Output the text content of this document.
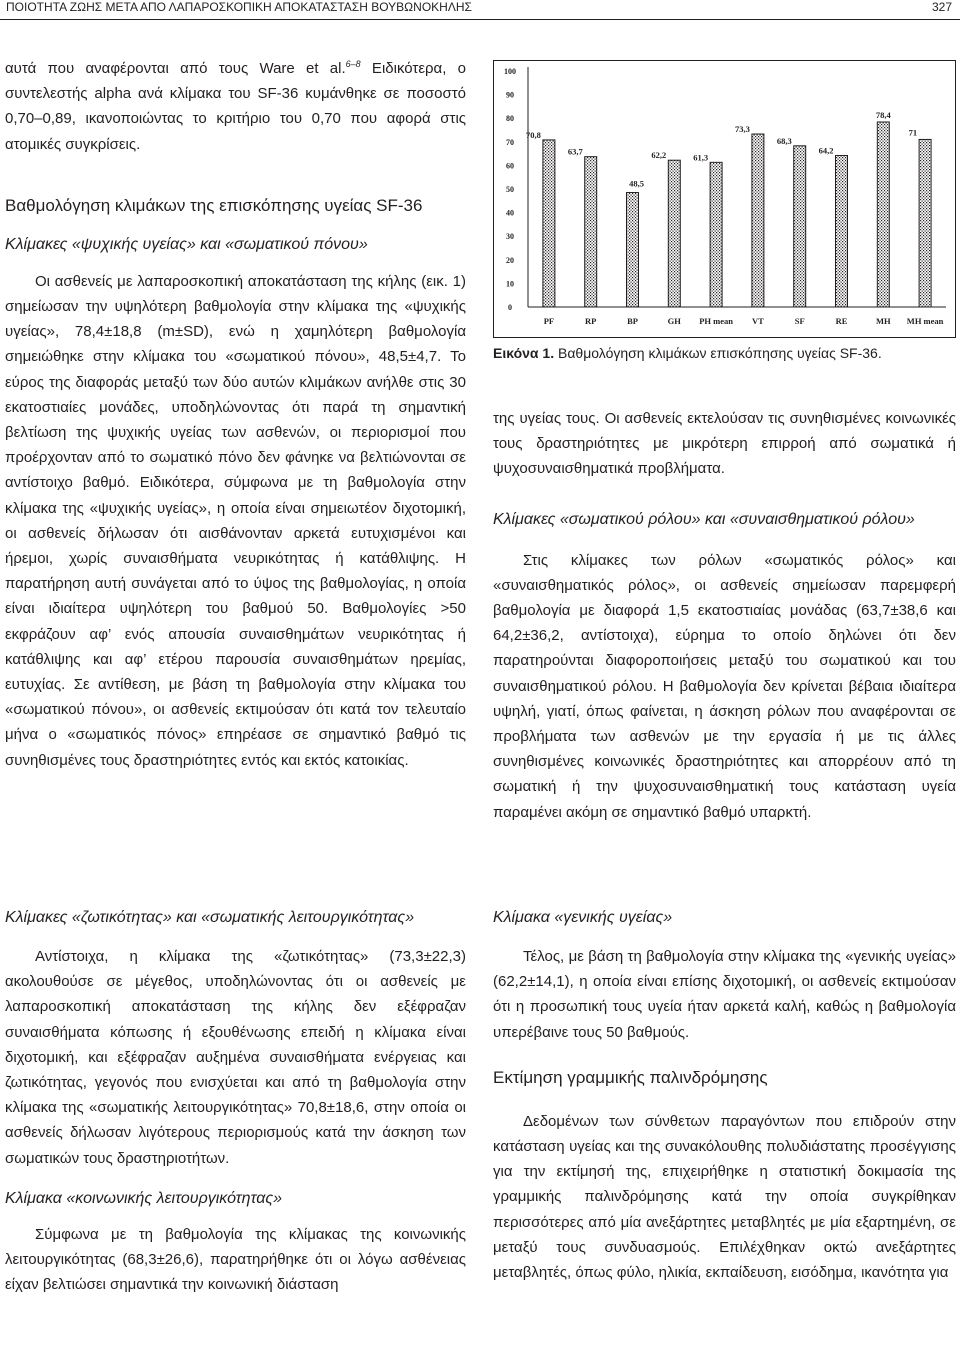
ΠΟΙΟΤΗΤΑ ΖΩΗΣ ΜΕΤΑ ΑΠΟ ΛΑΠΑΡΟΣΚΟΠΙΚΗ ΑΠΟΚΑΤΑΣΤΑΣΗ ΒΟΥΒΩΝΟΚΗΛΗΣ	327

αυτά που αναφέρονται από τους Ware et al.$^{6-8}$ Ειδικότερα, ο συντελεστής alpha ανά κλίμακα του SF-36 κυμάνθηκε σε ποσοστό 0,70–0,89, ικανοποιώντας το κριτήριο του 0,70 που αφορά στις ατομικές συγκρίσεις.

Βαθμολόγηση κλιμάκων της επισκόπησης υγείας SF-36
Κλίμακες «ψυχικής υγείας» και «σωματικού πόνου»

Οι ασθενείς με λαπαροσκοπική αποκατάσταση της κήλης (εικ. 1) σημείωσαν την υψηλότερη βαθμολογία στην κλίμακα της «ψυχικής υγείας», 78,4±18,8 (m±SD), ενώ η χαμηλότερη βαθμολογία σημειώθηκε στην κλίμακα του «σωματικού πόνου», 48,5±4,7. Το εύρος της διαφοράς μεταξύ των δύο αυτών κλιμάκων ανήλθε στις 30 εκατοστιαίες μονάδες, υποδηλώνοντας ότι παρά τη σημαντική βελτίωση της ψυχικής υγείας των ασθενών, οι περιορισμοί που προέρχονταν από το σωματικό πόνο δεν φάνηκε να βελτιώνονται σε αντίστοιχο βαθμό. Ειδικότερα, σύμφωνα με τη βαθμολογία στην κλίμακα της «ψυχικής υγείας», η οποία είναι σημειωτέον διχοτομική, οι ασθενείς δήλωσαν ότι αισθάνονταν αρκετά ευτυχισμένοι και ήρεμοι, χωρίς συναισθήματα νευρικότητας ή κατάθλιψης. Η παρατήρηση αυτή συνάγεται από το ύψος της βαθμολογίας, η οποία είναι ιδιαίτερα υψηλότερη του βαθμού 50. Βαθμολογίες >50 εκφράζουν αφ’ ενός απουσία συναισθημάτων νευρικότητας ή κατάθλιψης και αφ’ ετέρου παρουσία συναισθημάτων ηρεμίας, ευτυχίας. Σε αντίθεση, με βάση τη βαθμολογία στην κλίμακα του «σωματικού πόνου», οι ασθενείς εκτιμούσαν ότι κατά τον τελευταίο μήνα ο «σωματικός πόνος» επηρέασε σε σημαντικό βαθμό τις συνηθισμένες τους δραστηριότητες εντός και εκτός κατοικίας.

Κλίμακες «ζωτικότητας» και «σωματικής λειτουργικότητας»

Αντίστοιχα, η κλίμακα της «ζωτικότητας» (73,3±22,3) ακολουθούσε σε μέγεθος, υποδηλώνοντας ότι οι ασθενείς με λαπαροσκοπική αποκατάσταση της κήλης δεν εξέφραζαν συναισθήματα κόπωσης ή εξουθένωσης επειδή η κλίμακα είναι διχοτομική, και εξέφραζαν αυξημένα συναισθήματα ενέργειας και ζωτικότητας, γεγονός που ενισχύεται και από τη βαθμολογία στην κλίμακα της «σωματικής λειτουργικότητας» 70,8±18,6, στην οποία οι ασθενείς δήλωσαν λιγότερους περιορισμούς κατά την άσκηση των σωματικών τους δραστηριοτήτων.

Κλίμακα «κοινωνικής λειτουργικότητας»

Σύμφωνα με τη βαθμολογία της κλίμακας της κοινωνικής λειτουργικότητας (68,3±26,6), παρατηρήθηκε ότι οι λόγω ασθένειας είχαν βελτιώσει σημαντικά την κοινωνική διάσταση

0
10
20
30
40
50
60
70
80
90
100
70,8
PF
63,7
RP
48,5
BP
62,2
GH
61,3
PH mean
73,3
VT
68,3
SF
64,2
RE
78,4
MH
71
MH mean
Εικόνα 1. Βαθμολόγηση κλιμάκων επισκόπησης υγείας SF-36.

της υγείας τους. Οι ασθενείς εκτελούσαν τις συνηθισμένες κοινωνικές τους δραστηριότητες με μικρότερη επιρροή από σωματικά ή ψυχοσυναισθηματικά προβλήματα.

Κλίμακες «σωματικού ρόλου» και «συναισθηματικού ρόλου»

Στις κλίμακες των ρόλων «σωματικός ρόλος» και «συναισθηματικός ρόλος», οι ασθενείς σημείωσαν παρεμφερή βαθμολογία με διαφορά 1,5 εκατοστιαίας μονάδας (63,7±38,6 και 64,2±36,2, αντίστοιχα), εύρημα το οποίο δηλώνει ότι δεν παρατηρούνται διαφοροποιήσεις μεταξύ του σωματικού και του συναισθηματικού ρόλου. Η βαθμολογία δεν κρίνεται βέβαια ιδιαίτερα υψηλή, γιατί, όπως φαίνεται, η άσκηση ρόλων που αναφέρονται σε προβλήματα των ασθενών με την εργασία ή με τις άλλες συνηθισμένες κοινωνικές δραστηριότητες και απορρέουν από τη σωματική ή την ψυχοσυναισθηματική τους κατάσταση υγεία παραμένει ακόμη σε σημαντικό βαθμό υπαρκτή.

Κλίμακα «γενικής υγείας»

Τέλος, με βάση τη βαθμολογία στην κλίμακα της «γενικής υγείας» (62,2±14,1), η οποία είναι επίσης διχοτομική, οι ασθενείς εκτιμούσαν ότι η προσωπική τους υγεία ήταν αρκετά καλή, καθώς η βαθμολογία υπερέβαινε τους 50 βαθμούς.

Εκτίμηση γραμμικής παλινδρόμησης

Δεδομένων των σύνθετων παραγόντων που επιδρούν στην κατάσταση υγείας και της συνακόλουθης πολυδιάστατης προσέγγισης για την εκτίμησή της, επιχειρήθηκε η στατιστική δοκιμασία της γραμμικής παλινδρόμησης κατά την οποία συγκρίθηκαν περισσότερες από μία ανεξάρτητες μεταβλητές με μία εξαρτημένη, σε μεταξύ τους συνδυασμούς. Επιλέχθηκαν οκτώ ανεξάρτητες μεταβλητές, όπως φύλο, ηλικία, εκπαίδευση, εισόδημα, ικανότητα για
